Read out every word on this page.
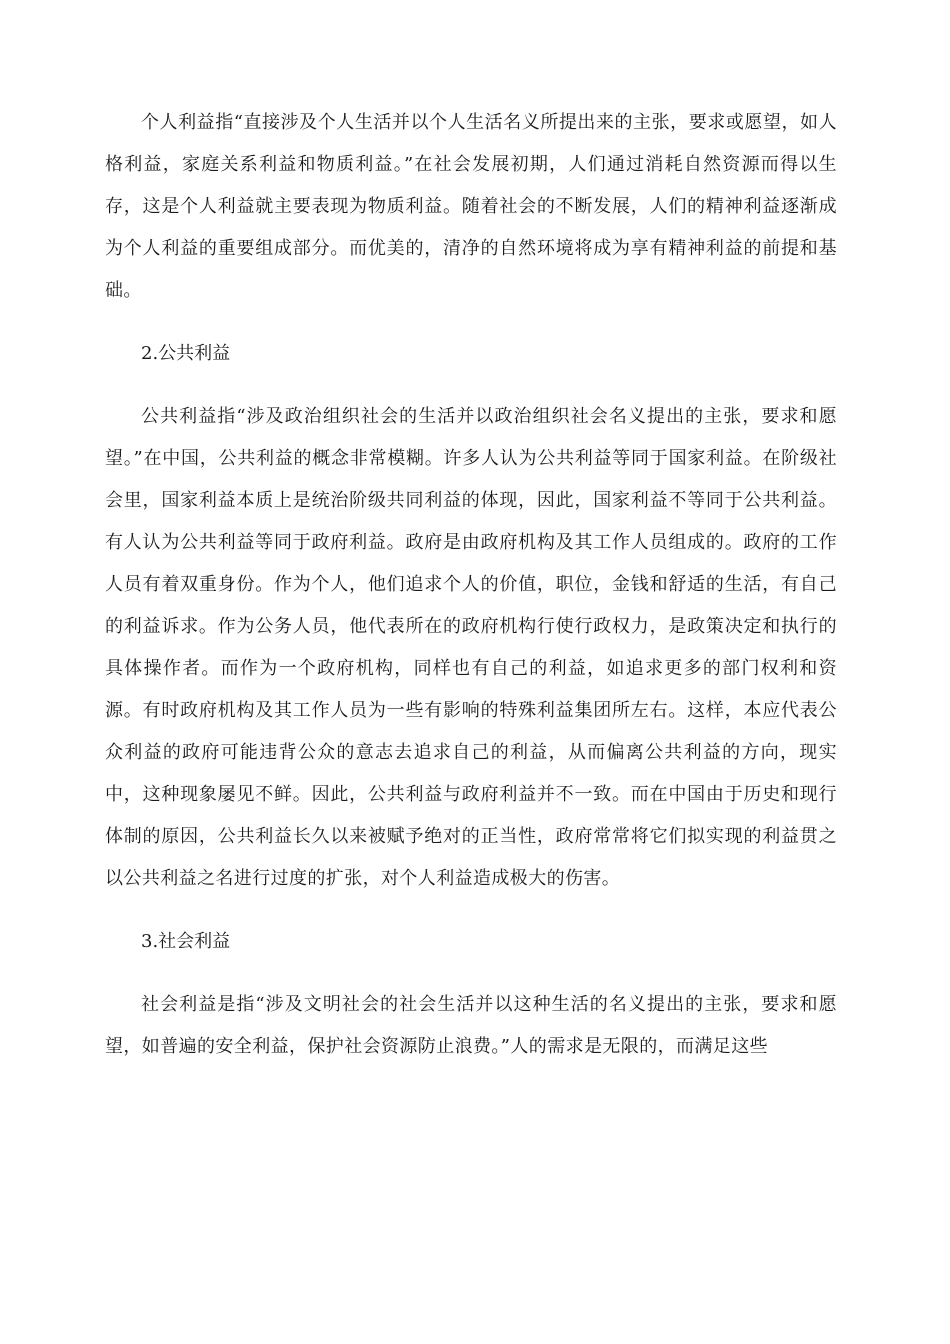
个人利益指“直接涉及个人生活并以个人生活名义所提出来的主张，要求或愿望，如人格利益，家庭关系利益和物质利益。”在社会发展初期，人们通过消耗自然资源而得以生存，这是个人利益就主要表现为物质利益。随着社会的不断发展，人们的精神利益逐渐成为个人利益的重要组成部分。而优美的，清净的自然环境将成为享有精神利益的前提和基础。

2.公共利益

公共利益指“涉及政治组织社会的生活并以政治组织社会名义提出的主张，要求和愿望。”在中国，公共利益的概念非常模糊。许多人认为公共利益等同于国家利益。在阶级社会里，国家利益本质上是统治阶级共同利益的体现，因此，国家利益不等同于公共利益。有人认为公共利益等同于政府利益。政府是由政府机构及其工作人员组成的。政府的工作人员有着双重身份。作为个人，他们追求个人的价值，职位，金钱和舒适的生活，有自己的利益诉求。作为公务人员，他代表所在的政府机构行使行政权力，是政策决定和执行的具体操作者。而作为一个政府机构，同样也有自己的利益，如追求更多的部门权利和资源。有时政府机构及其工作人员为一些有影响的特殊利益集团所左右。这样，本应代表公众利益的政府可能违背公众的意志去追求自己的利益，从而偏离公共利益的方向，现实中，这种现象屡见不鲜。因此，公共利益与政府利益并不一致。而在中国由于历史和现行体制的原因，公共利益长久以来被赋予绝对的正当性，政府常常将它们拟实现的利益贯之以公共利益之名进行过度的扩张，对个人利益造成极大的伤害。

3.社会利益

社会利益是指“涉及文明社会的社会生活并以这种生活的名义提出的主张，要求和愿望，如普遍的安全利益，保护社会资源防止浪费。”人的需求是无限的，而满足这些
